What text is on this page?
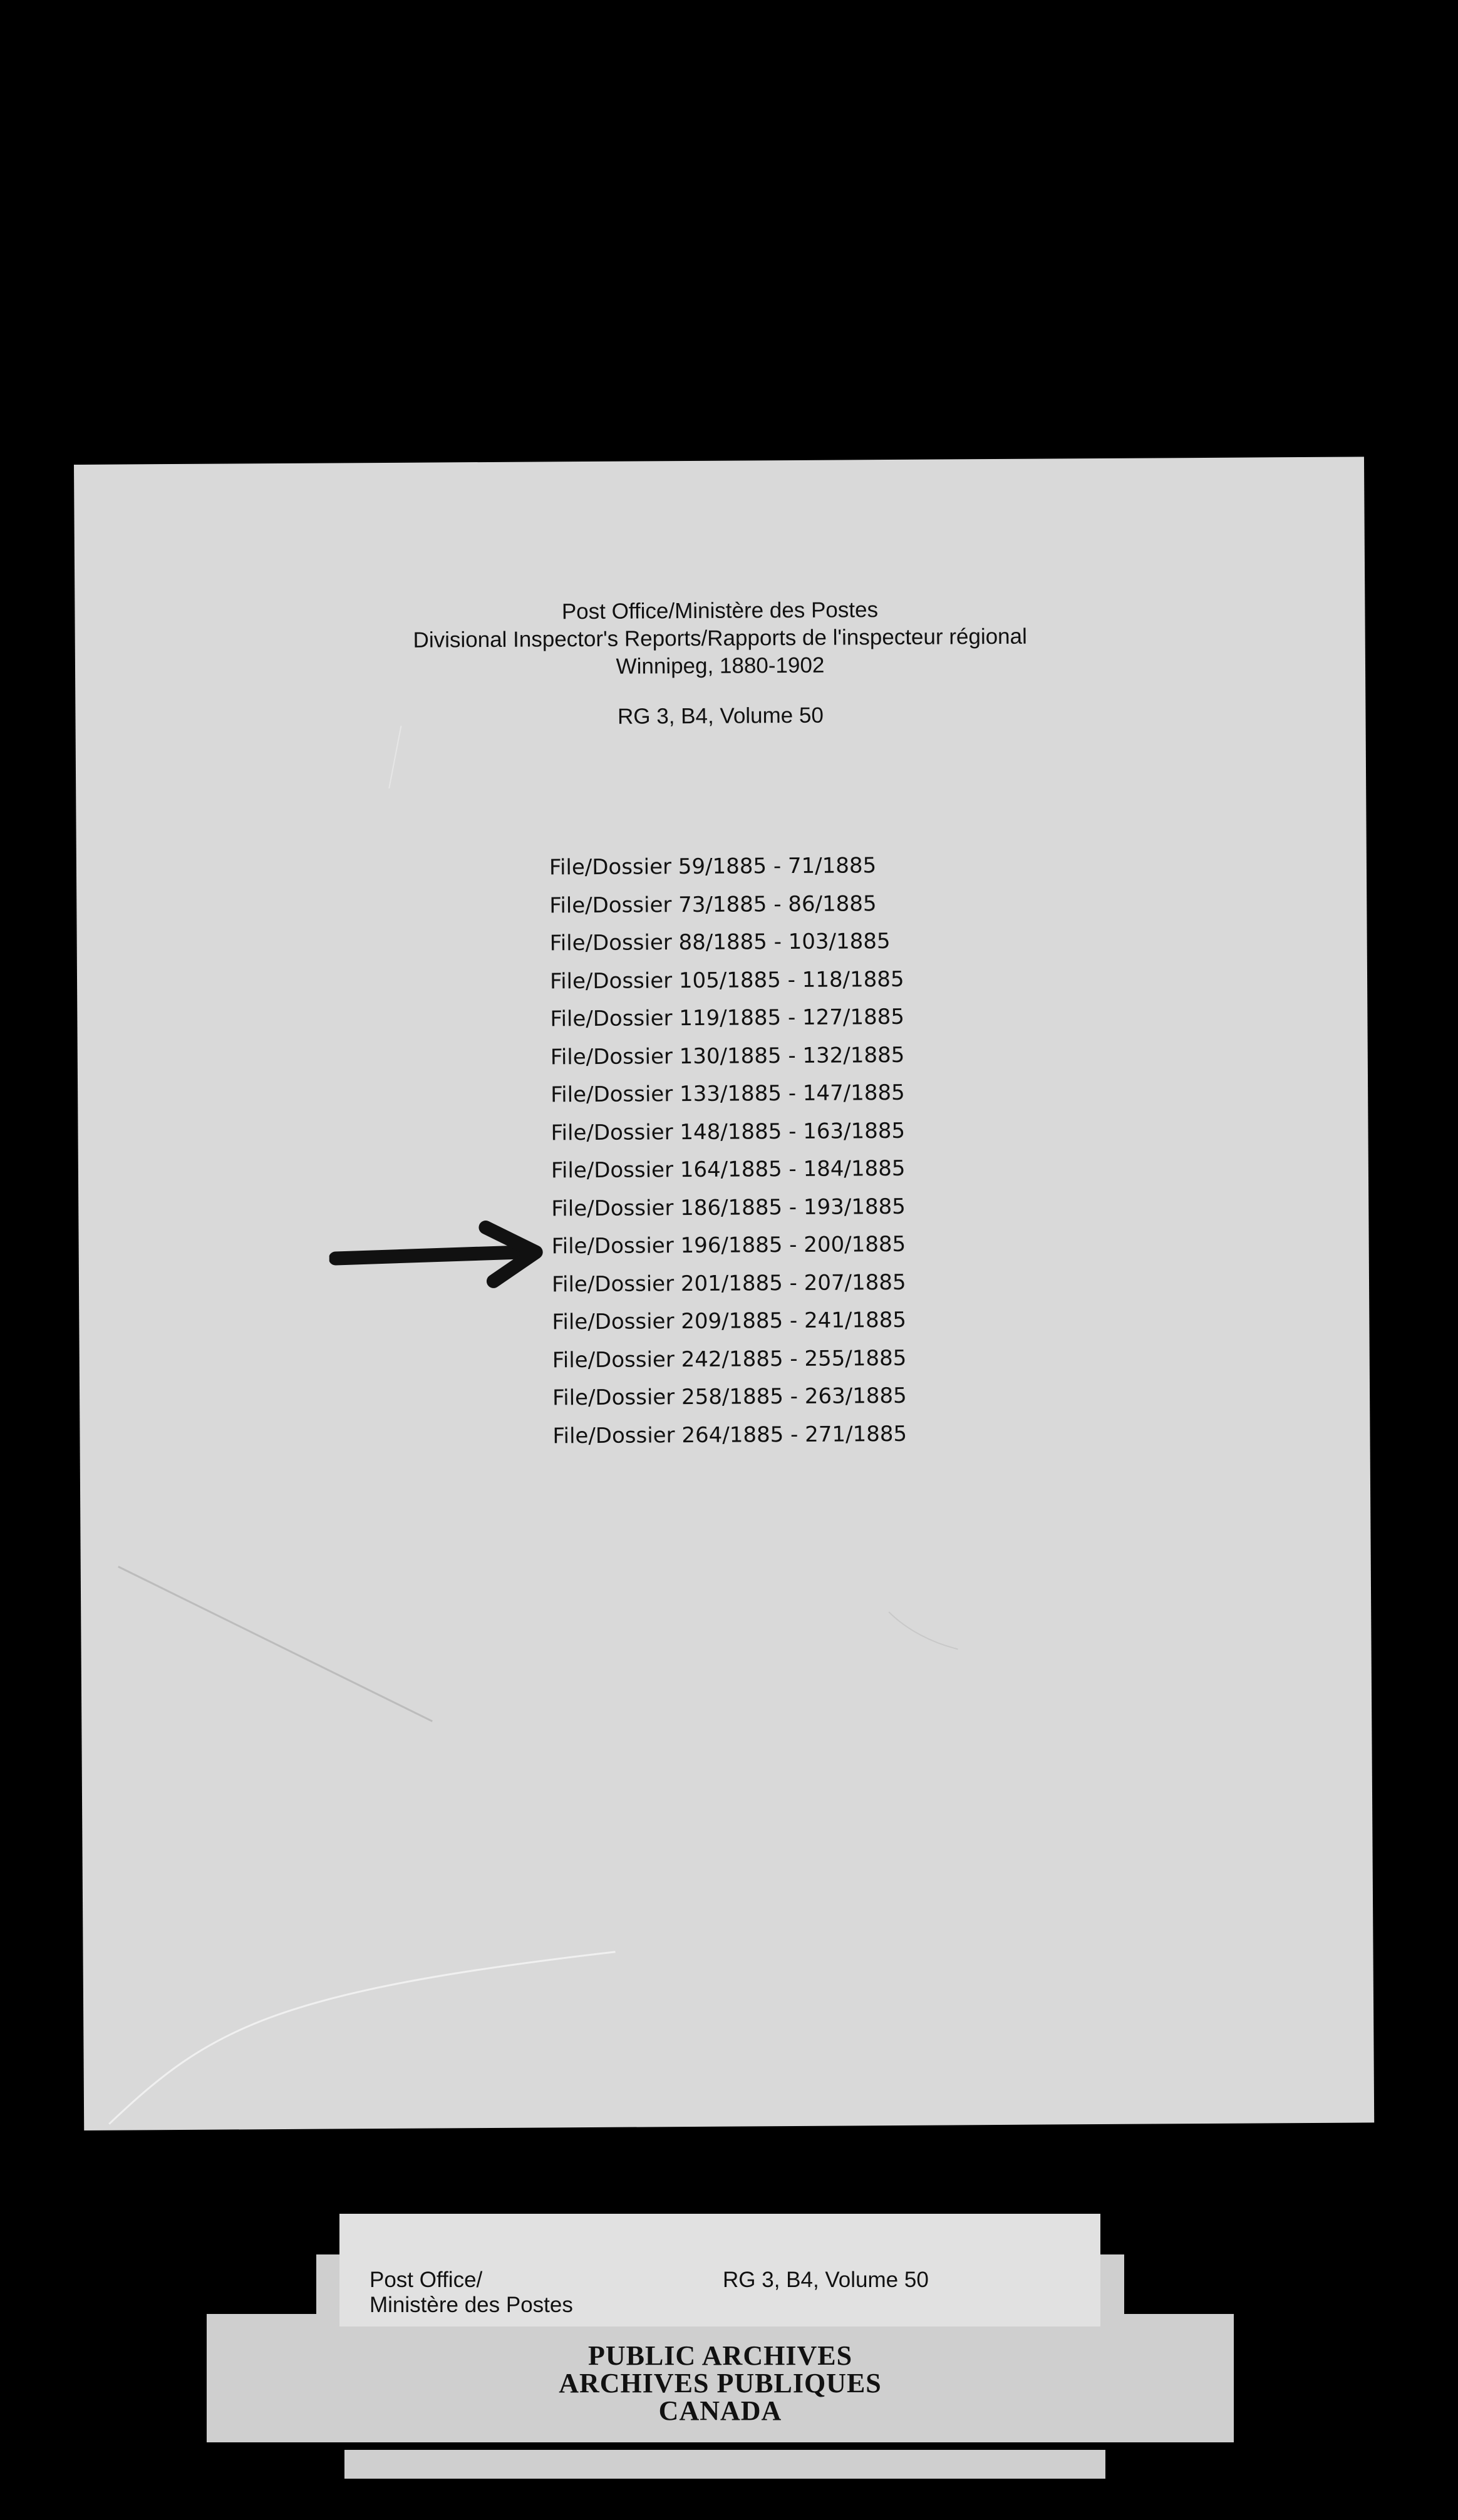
Post Office/Ministère des Postes
Divisional Inspector's Reports/Rapports de l'inspecteur régional
Winnipeg, 1880-1902
RG 3, B4, Volume 50
File/Dossier 59/1885 - 71/1885
File/Dossier 73/1885 - 86/1885
File/Dossier 88/1885 - 103/1885
File/Dossier 105/1885 - 118/1885
File/Dossier 119/1885 - 127/1885
File/Dossier 130/1885 - 132/1885
File/Dossier 133/1885 - 147/1885
File/Dossier 148/1885 - 163/1885
File/Dossier 164/1885 - 184/1885
File/Dossier 186/1885 - 193/1885
File/Dossier 196/1885 - 200/1885
File/Dossier 201/1885 - 207/1885
File/Dossier 209/1885 - 241/1885
File/Dossier 242/1885 - 255/1885
File/Dossier 258/1885 - 263/1885
File/Dossier 264/1885 - 271/1885
Post Office/
Ministère des Postes
RG 3, B4, Volume 50
PUBLIC ARCHIVES
ARCHIVES PUBLIQUES
CANADA
